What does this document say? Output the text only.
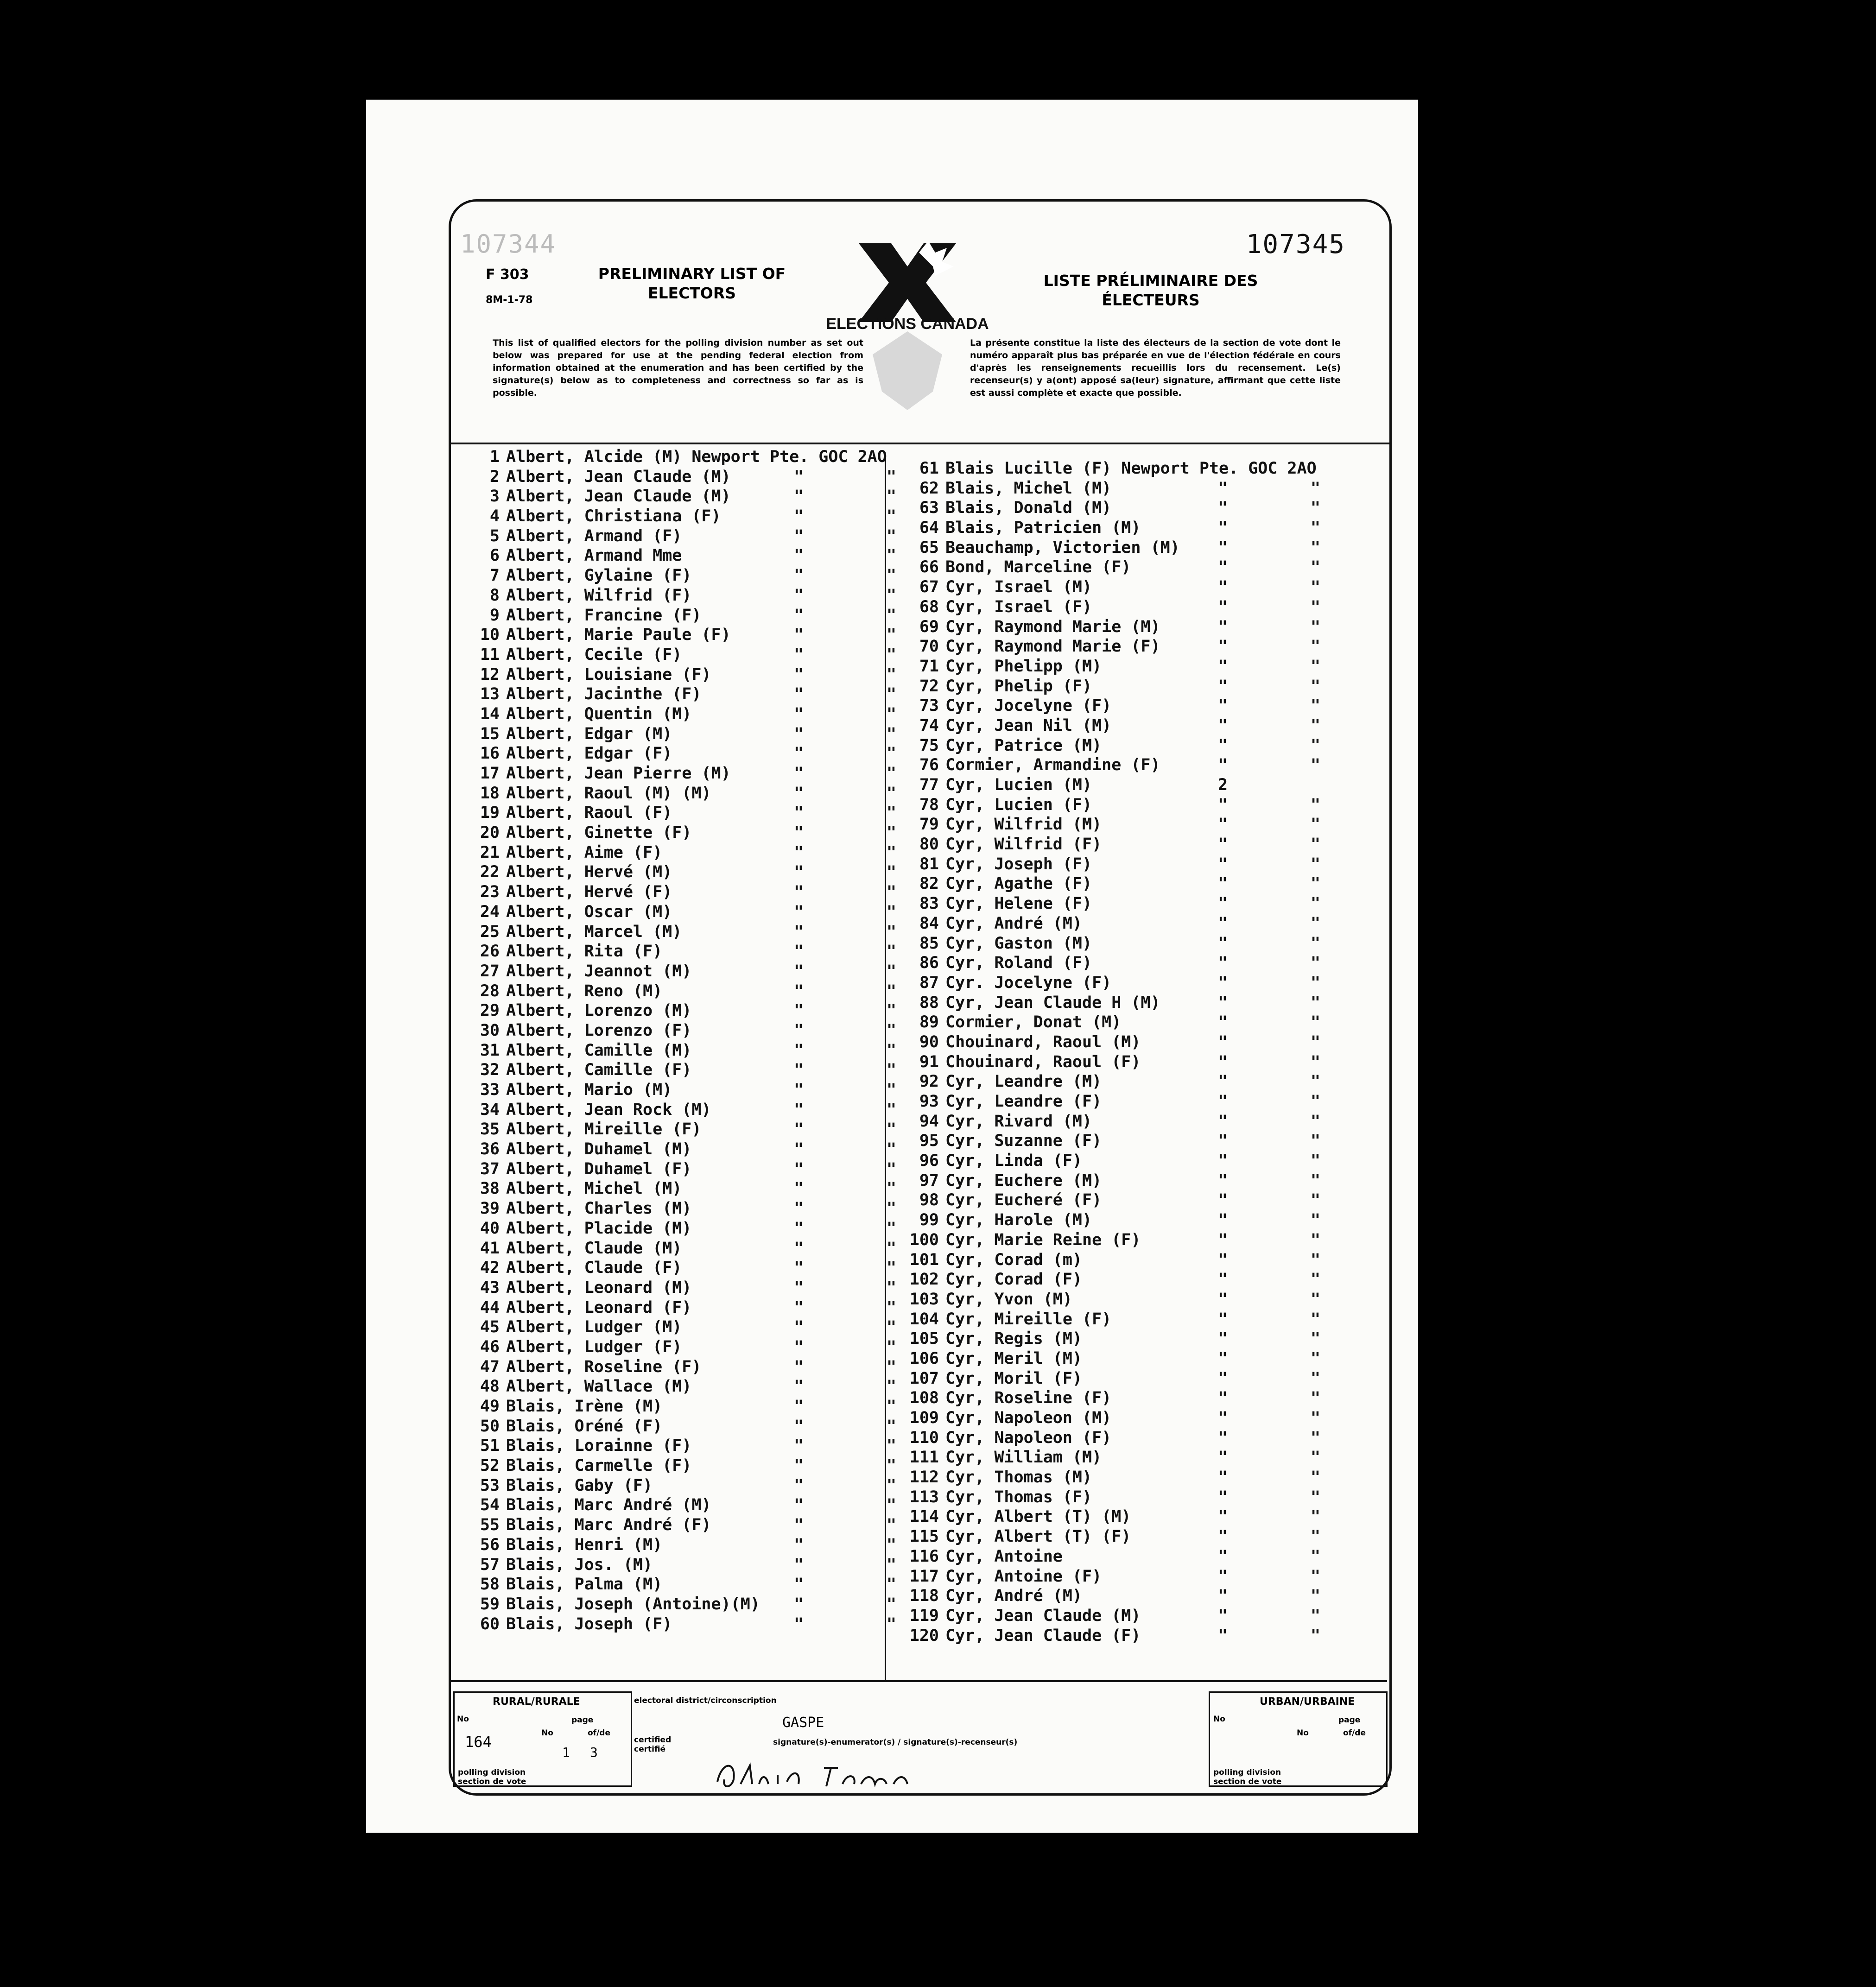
107344	107345
F 303
8M-1-78
PRELIMINARY LIST OF ELECTORS
LISTE PRÉLIMINAIRE DES ÉLECTEURS
ELECTIONS CANADA
This list of qualified electors for the polling division number as set out below was prepared for use at the pending federal election from information obtained at the enumeration and has been certified by the signature(s) below as to completeness and correctness so far as is possible.
La présente constitue la liste des électeurs de la section de vote dont le numéro apparaît plus bas préparée en vue de l'élection fédérale en cours d'après les renseignements recueillis lors du recensement. Le(s) recenseur(s) y a(ont) apposé sa(leur) signature, affirmant que cette liste est aussi complète et exacte que possible.
1 Albert, Alcide (M) Newport Pte. GOC 2AO
2 Albert, Jean Claude (M)	"	"
3 Albert, Jean Claude (M)	"	"
4 Albert, Christiana (F)	"	"
5 Albert, Armand (F)	"	"
6 Albert, Armand Mme	"	"
7 Albert, Gylaine (F)	"	"
8 Albert, Wilfrid (F)	"	"
9 Albert, Francine (F)	"	"
10 Albert, Marie Paule (F)	"	"
11 Albert, Cecile (F)	"	"
12 Albert, Louisiane (F)	"	"
13 Albert, Jacinthe (F)	"	"
14 Albert, Quentin (M)	"	"
15 Albert, Edgar (M)	"	"
16 Albert, Edgar (F)	"	"
17 Albert, Jean Pierre (M)	"	"
18 Albert, Raoul (M) (M)	"	"
19 Albert, Raoul (F)	"	"
20 Albert, Ginette (F)	"	"
21 Albert, Aime (F)	"	"
22 Albert, Hervé (M)	"	"
23 Albert, Hervé (F)	"	"
24 Albert, Oscar (M)	"	"
25 Albert, Marcel (M)	"	"
26 Albert, Rita (F)	"	"
27 Albert, Jeannot (M)	"	"
28 Albert, Reno (M)	"	"
29 Albert, Lorenzo (M)	"	"
30 Albert, Lorenzo (F)	"	"
31 Albert, Camille (M)	"	"
32 Albert, Camille (F)	"	"
33 Albert, Mario (M)	"	"
34 Albert, Jean Rock (M)	"	"
35 Albert, Mireille (F)	"	"
36 Albert, Duhamel (M)	"	"
37 Albert, Duhamel (F)	"	"
38 Albert, Michel (M)	"	"
39 Albert, Charles (M)	"	"
40 Albert, Placide (M)	"	"
41 Albert, Claude (M)	"	"
42 Albert, Claude (F)	"	"
43 Albert, Leonard (M)	"	"
44 Albert, Leonard (F)	"	"
45 Albert, Ludger (M)	"	"
46 Albert, Ludger (F)	"	"
47 Albert, Roseline (F)	"	"
48 Albert, Wallace (M)	"	"
49 Blais, Irène (M)	"	"
50 Blais, Oréné (F)	"	"
51 Blais, Lorainne (F)	"	"
52 Blais, Carmelle (F)	"	"
53 Blais, Gaby (F)	"	"
54 Blais, Marc André (M)	"	"
55 Blais, Marc André (F)	"	"
56 Blais, Henri (M)	"	"
57 Blais, Jos. (M)	"	"
58 Blais, Palma (M)	"	"
59 Blais, Joseph (Antoine)(M) "	"
60 Blais, Joseph (F)	"	"
61 Blais Lucille (F) Newport Pte. GOC 2AO
62 Blais, Michel (M)	"	"
63 Blais, Donald (M)	"	"
64 Blais, Patricien (M)	"	"
65 Beauchamp, Victorien (M) "	"
66 Bond, Marceline (F)	"	"
67 Cyr, Israel (M)	"	"
68 Cyr, Israel (F)	"	"
69 Cyr, Raymond Marie (M)	"	"
70 Cyr, Raymond Marie (F)	"	"
71 Cyr, Phelipp (M)	"	"
72 Cyr, Phelip (F)	"	"
73 Cyr, Jocelyne (F)	"	"
74 Cyr, Jean Nil (M)	"	"
75 Cyr, Patrice (M)	"	"
76 Cormier, Armandine (F)	"	"
77 Cyr, Lucien (M)	2
78 Cyr, Lucien (F)	"	"
79 Cyr, Wilfrid (M)	"	"
80 Cyr, Wilfrid (F)	"	"
81 Cyr, Joseph (F)	"	"
82 Cyr, Agathe (F)	"	"
83 Cyr, Helene (F)	"	"
84 Cyr, André (M)	"	"
85 Cyr, Gaston (M)	"	"
86 Cyr, Roland (F)	"	"
87 Cyr. Jocelyne (F)	"	"
88 Cyr, Jean Claude H (M)	"	"
89 Cormier, Donat (M)	"	"
90 Chouinard, Raoul (M)	"	"
91 Chouinard, Raoul (F)	"	"
92 Cyr, Leandre (M)	"	"
93 Cyr, Leandre (F)	"	"
94 Cyr, Rivard (M)	"	"
95 Cyr, Suzanne (F)	"	"
96 Cyr, Linda (F)	"	"
97 Cyr, Euchere (M)	"	"
98 Cyr, Eucheré (F)	"	"
99 Cyr, Harole (M)	"	"
100 Cyr, Marie Reine (F)	"	"
101 Cyr, Corad (m)	"	"
102 Cyr, Corad (F)	"	"
103 Cyr, Yvon (M)	"	"
104 Cyr, Mireille (F)	"	"
105 Cyr, Regis (M)	"	"
106 Cyr, Meril (M)	"	"
107 Cyr, Moril (F)	"	"
108 Cyr, Roseline (F)	"	"
109 Cyr, Napoleon (M)	"	"
110 Cyr, Napoleon (F)	"	"
111 Cyr, William (M)	"	"
112 Cyr, Thomas (M)	"	"
113 Cyr, Thomas (F)	"	"
114 Cyr, Albert (T) (M)	"	"
115 Cyr, Albert (T) (F)	"	"
116 Cyr, Antoine	"	"
117 Cyr, Antoine (F)	"	"
118 Cyr, André (M)	"	"
119 Cyr, Jean Claude (M)	"	"
120 Cyr, Jean Claude (F)	"	"
RURAL/RURALE
No	page
164	No	of/de
1 3
polling division section de vote
electoral district/circonscription
GASPE
certified certifié
signature(s)-enumerator(s) / signature(s)-recenseur(s)
URBAN/URBAINE
No	page
No	of/de
polling division section de vote
